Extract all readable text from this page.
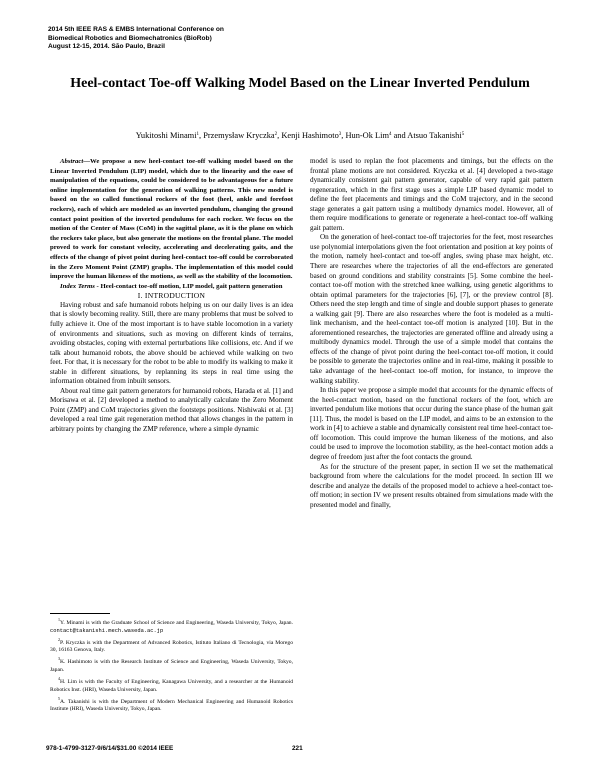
2014 5th IEEE RAS & EMBS International Conference on
Biomedical Robotics and Biomechatronics (BioRob)
August 12-15, 2014. São Paulo, Brazil
Heel-contact Toe-off Walking Model Based on the Linear Inverted Pendulum
Yukitoshi Minami$^1$, Przemysław Kryczka$^2$, Kenji Hashimoto$^3$, Hun-Ok Lim$^4$ and Atsuo Takanishi$^5$

Abstract—We propose a new heel-contact toe-off walking model based on the Linear Inverted Pendulum (LIP) model, which due to the linearity and the ease of manipulation of the equations, could be considered to be advantageous for a future online implementation for the generation of walking patterns. This new model is based on the so called functional rockers of the foot (heel, ankle and forefoot rockers), each of which are modeled as an inverted pendulum, changing the ground contact point position of the inverted pendulums for each rocker. We focus on the motion of the Center of Mass (CoM) in the sagittal plane, as it is the plane on which the rockers take place, but also generate the motions on the frontal plane. The model proved to work for constant velocity, accelerating and decelerating gaits, and the effects of the change of pivot point during heel-contact toe-off could be corroborated in the Zero Moment Point (ZMP) graphs. The implementation of this model could improve the human likeness of the motions, as well as the stability of the locomotion.

Index Terms - Heel-contact toe-off motion, LIP model, gait pattern generation

I. INTRODUCTION

Having robust and safe humanoid robots helping us on our daily lives is an idea that is slowly becoming reality. Still, there are many problems that must be solved to fully achieve it. One of the most important is to have stable locomotion in a variety of environments and situations, such as moving on different kinds of terrains, avoiding obstacles, coping with external perturbations like collisions, etc. And if we talk about humanoid robots, the above should be achieved while walking on two feet. For that, it is necessary for the robot to be able to modify its walking to make it stable in different situations, by replanning its steps in real time using the information obtained from inbuilt sensors.

About real time gait pattern generators for humanoid robots, Harada et al. [1] and Morisawa et al. [2] developed a method to analytically calculate the Zero Moment Point (ZMP) and CoM trajectories given the footsteps positions. Nishiwaki et al. [3] developed a real time gait regeneration method that allows changes in the pattern in arbitrary points by changing the ZMP reference, where a simple dynamic

$^1$Y. Minami is with the Graduate School of Science and Engineering, Waseda University, Tokyo, Japan. contact@takanishi.mech.waseda.ac.jp
$^2$P. Kryczka is with the Department of Advanced Robotics, Istituto Italiano di Tecnologia, via Morego 30, 16163 Genova, Italy.
$^3$K. Hashimoto is with the Research Institute of Science and Engineering, Waseda University, Tokyo, Japan.
$^4$H. Lim is with the Faculty of Engineering, Kanagawa University, and a researcher at the Humanoid Robotics Inst. (HRI), Waseda University, Japan.
$^5$A. Takanishi is with the Department of Modern Mechanical Engineering and Humanoid Robotics Institute (HRI), Waseda University, Tokyo, Japan.

model is used to replan the foot placements and timings, but the effects on the frontal plane motions are not considered. Kryczka et al. [4] developed a two-stage dynamically consistent gait pattern generator, capable of very rapid gait pattern regeneration, which in the first stage uses a simple LIP based dynamic model to define the feet placements and timings and the CoM trajectory, and in the second stage generates a gait pattern using a multibody dynamics model. However, all of them require modifications to generate or regenerate a heel-contact toe-off walking gait pattern.

On the generation of heel-contact toe-off trajectories for the feet, most researches use polynomial interpolations given the foot orientation and position at key points of the motion, namely heel-contact and toe-off angles, swing phase max height, etc. There are researches where the trajectories of all the end-effectors are generated based on ground conditions and stability constraints [5]. Some combine the heel-contact toe-off motion with the stretched knee walking, using genetic algorithms to obtain optimal parameters for the trajectories [6], [7], or the preview control [8]. Others need the step length and time of single and double support phases to generate a walking gait [9]. There are also researches where the foot is modeled as a multi-link mechanism, and the heel-contact toe-off motion is analyzed [10]. But in the aforementioned researches, the trajectories are generated offline and already using a multibody dynamics model. Through the use of a simple model that contains the effects of the change of pivot point during the heel-contact toe-off motion, it could be possible to generate the trajectories online and in real-time, making it possible to take advantage of the heel-contact toe-off motion, for instance, to improve the walking stability.

In this paper we propose a simple model that accounts for the dynamic effects of the heel-contact motion, based on the functional rockers of the foot, which are inverted pendulum like motions that occur during the stance phase of the human gait [11]. Thus, the model is based on the LIP model, and aims to be an extension to the work in [4] to achieve a stable and dynamically consistent real time heel-contact toe-off locomotion. This could improve the human likeness of the motions, and also could be used to improve the locomotion stability, as the heel-contact motion adds a degree of freedom just after the foot contacts the ground.

As for the structure of the present paper, in section II we set the mathematical background from where the calculations for the model proceed. In section III we describe and analyze the details of the proposed model to achieve a heel-contact toe-off motion; in section IV we present results obtained from simulations made with the presented model and finally,

978-1-4799-3127-9/6/14/$31.00 ©2014 IEEE	221
